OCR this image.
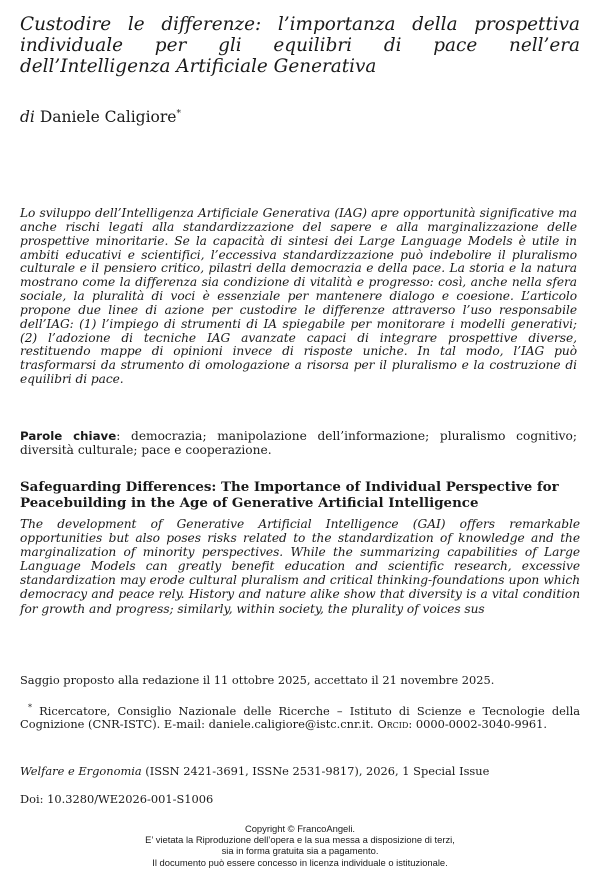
Custodire le differenze: l’importanza della prospettiva individuale per gli equilibri di pace nell’era dell’Intelligenza Artificiale Generativa

di Daniele Caligiore*

Lo sviluppo dell’Intelligenza Artificiale Generativa (IAG) apre opportunità significative ma anche rischi legati alla standardizzazione del sapere e alla marginalizzazione delle prospettive minoritarie. Se la capacità di sintesi dei Large Language Models è utile in ambiti educativi e scientifici, l’eccessiva standardizzazione può indebolire il pluralismo culturale e il pensiero critico, pilastri della democrazia e della pace. La storia e la natura mostrano come la differenza sia condizione di vitalità e progresso: così, anche nella sfera sociale, la pluralità di voci è essenziale per mantenere dialogo e coesione. L’articolo propone due linee di azione per custodire le differenze attraverso l’uso responsabile dell’IAG: (1) l’impiego di strumenti di IA spiegabile per monitorare i modelli generativi; (2) l’adozione di tecniche IAG avanzate capaci di integrare prospettive diverse, restituendo mappe di opinioni invece di risposte uniche. In tal modo, l’IAG può trasformarsi da strumento di omologazione a risorsa per il pluralismo e la costruzione di equilibri di pace.

Parole chiave: democrazia; manipolazione dell’informazione; pluralismo cognitivo; diversità culturale; pace e cooperazione.

Safeguarding Differences: The Importance of Individual Perspective for Peacebuilding in the Age of Generative Artificial Intelligence

The development of Generative Artificial Intelligence (GAI) offers remarkable opportunities but also poses risks related to the standardization of knowledge and the marginalization of minority perspectives. While the summarizing capabilities of Large Language Models can greatly benefit education and scientific research, excessive standardization may erode cultural pluralism and critical thinking-foundations upon which democracy and peace rely. History and nature alike show that diversity is a vital condition for growth and progress; similarly, within society, the plurality of voices sus

Saggio proposto alla redazione il 11 ottobre 2025, accettato il 21 novembre 2025.

* Ricercatore, Consiglio Nazionale delle Ricerche – Istituto di Scienze e Tecnologie della Cognizione (CNR-ISTC). E-mail: daniele.caligiore@istc.cnr.it. Orcid: 0000-0002-3040-9961.

Welfare e Ergonomia (ISSN 2421-3691, ISSNe 2531-9817), 2026, 1 Special Issue

Doi: 10.3280/WE2026-001-S1006

Copyright © FrancoAngeli.
E’ vietata la Riproduzione dell’opera e la sua messa a disposizione di terzi,
sia in forma gratuita sia a pagamento.
Il documento può essere concesso in licenza individuale o istituzionale.
